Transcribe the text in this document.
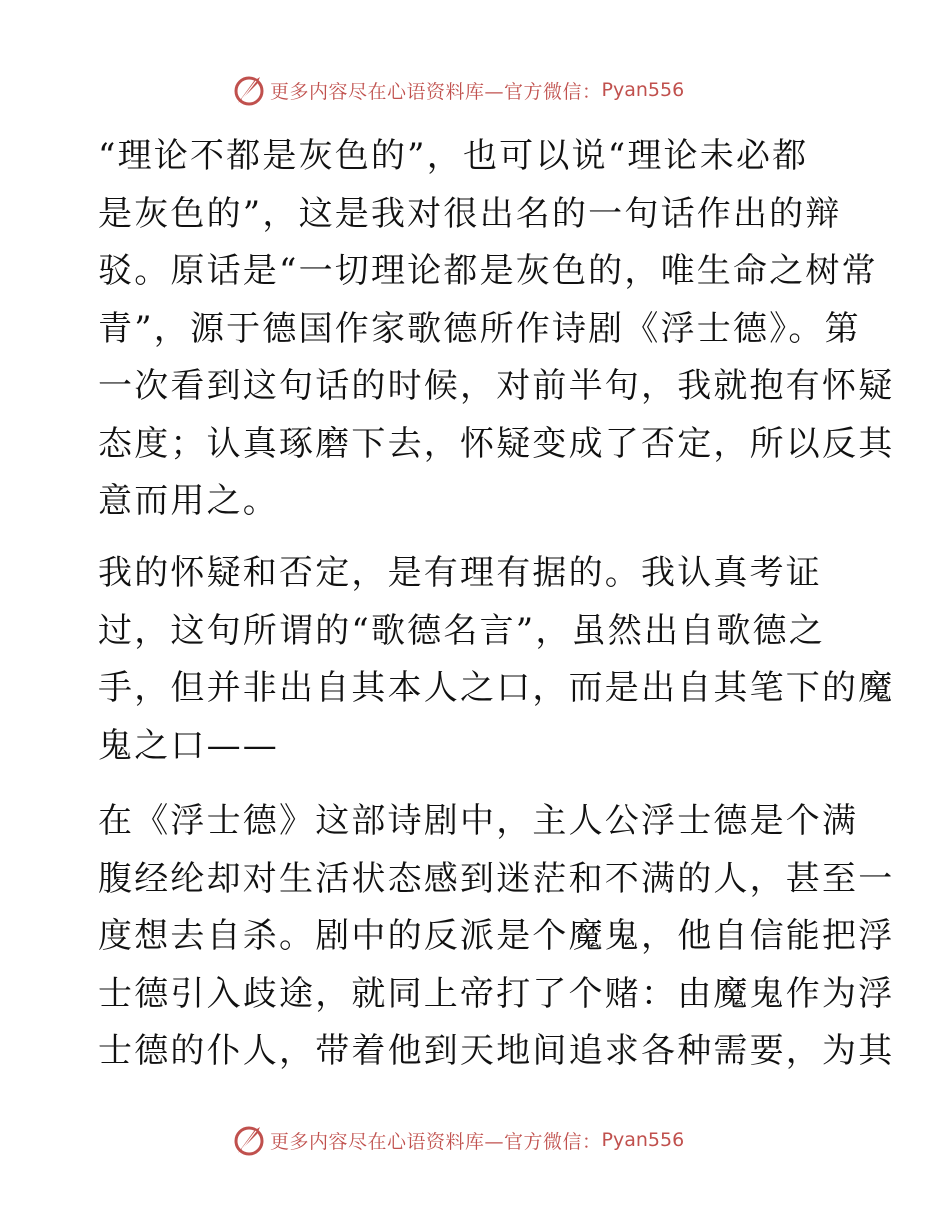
更多内容尽在心语资料库—官方微信： Pyan556
“理论不都是灰色的”，也可以说“理论未必都
是灰色的”，这是我对很出名的一句话作出的辩
驳。原话是“一切理论都是灰色的，唯生命之树常
青”，源于德国作家歌德所作诗剧《浮士德》。第
一次看到这句话的时候，对前半句，我就抱有怀疑
态度；认真琢磨下去，怀疑变成了否定，所以反其
意而用之。
我的怀疑和否定，是有理有据的。我认真考证
过，这句所谓的“歌德名言”，虽然出自歌德之
手，但并非出自其本人之口，而是出自其笔下的魔
鬼之口——
在《浮士德》这部诗剧中，主人公浮士德是个满
腹经纶却对生活状态感到迷茫和不满的人，甚至一
度想去自杀。剧中的反派是个魔鬼，他自信能把浮
士德引入歧途，就同上帝打了个赌：由魔鬼作为浮
士德的仆人，带着他到天地间追求各种需要，为其
更多内容尽在心语资料库—官方微信： Pyan556
